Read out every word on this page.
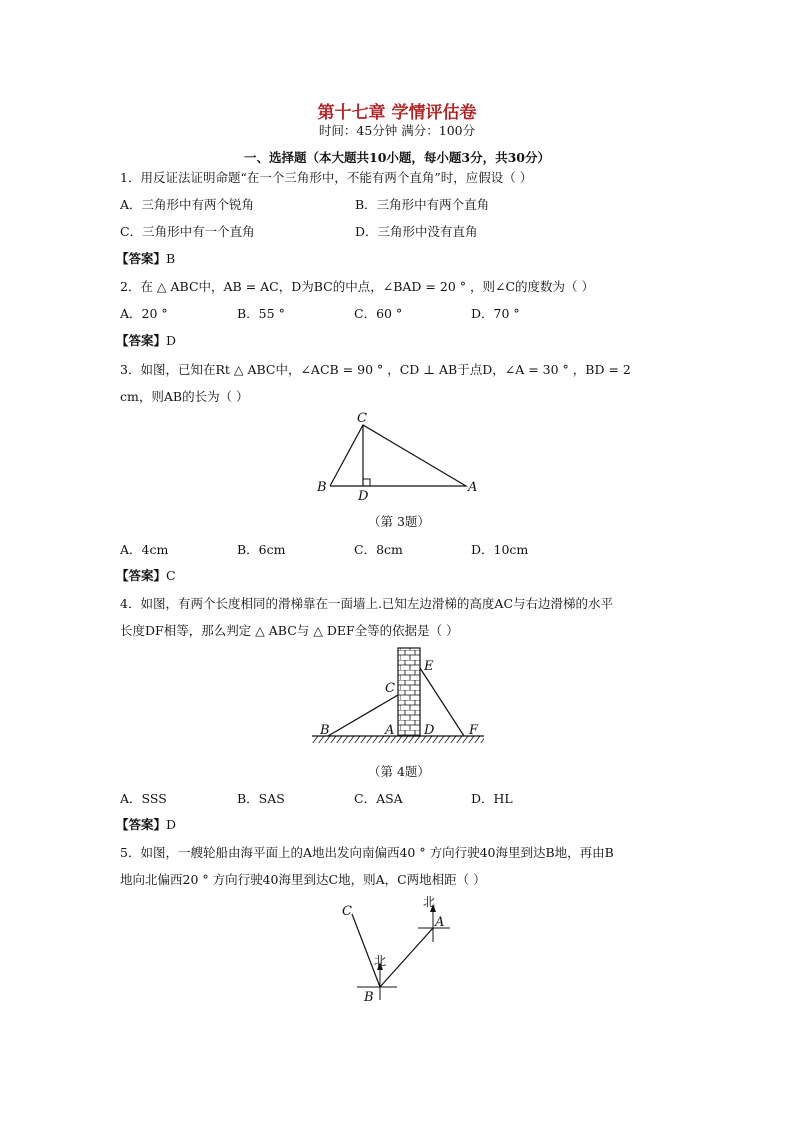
第十七章 学情评估卷
时间：45分钟 满分：100分
一、选择题（本大题共10小题，每小题3分，共30分）
1．用反证法证明命题“在一个三角形中，不能有两个直角”时，应假设（ ）
A．三角形中有两个锐角	B．三角形中有两个直角
C．三角形中有一个直角	D．三角形中没有直角
【答案】B
2．在 △ ABC中，AB = AC，D为BC的中点，∠BAD = 20 ° ，则∠C的度数为（ ）
A．20 °	B．55 °	C．60 °	D．70 °
【答案】D
3．如图，已知在Rt △ ABC中，∠ACB = 90 ° ，CD ⊥ AB于点D，∠A = 30 ° ，BD = 2
cm，则AB的长为（ ）
C
B
D
A
（第 3题）
A．4cm	B．6cm	C．8cm	D．10cm
【答案】C
4．如图，有两个长度相同的滑梯靠在一面墙上.已知左边滑梯的高度AC与右边滑梯的水平
长度DF相等，那么判定 △ ABC与 △ DEF全等的依据是（ ）
B
C
A D
E
F
（第 4题）
A．SSS	B．SAS	C．ASA	D．HL
【答案】D
5．如图，一艘轮船由海平面上的A地出发向南偏西40 ° 方向行驶40海里到达B地，再由B
地向北偏西20 ° 方向行驶40海里到达C地，则A，C两地相距（ ）
C
A
B
北
北
